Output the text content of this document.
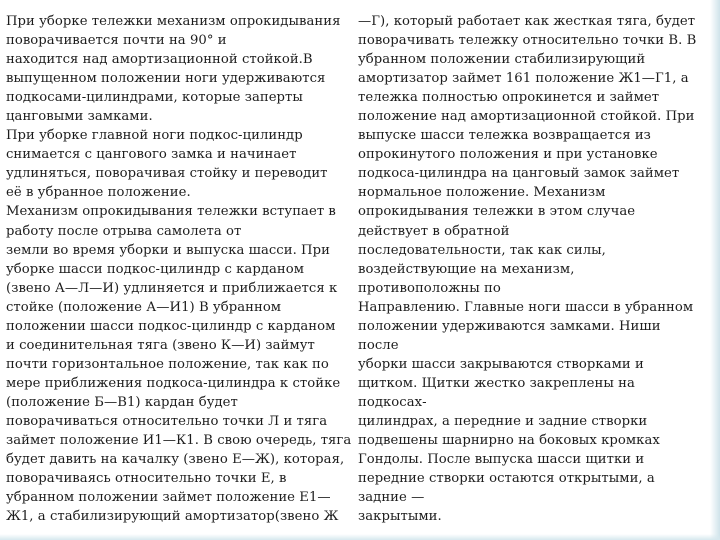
При уборке тележки механизм опрокидывания
поворачивается почти на 90° и
находится над амортизационной стойкой.В
выпущенном положении ноги удерживаются
подкосами-цилиндрами, которые заперты
цанговыми замками.
При уборке главной ноги подкос-цилиндр
снимается с цангового замка и начинает
удлиняться, поворачивая стойку и переводит
её в убранное положение.
Механизм опрокидывания тележки вступает в
работу после отрыва самолета от
земли во время уборки и выпуска шасси. При
уборке шасси подкос-цилиндр с карданом
(звено А—Л—И) удлиняется и приближается к
стойке (положение А—И1) В убранном
положении шасси подкос-цилиндр с карданом
и соединительная тяга (звено К—И) займут
почти горизонтальное положение, так как по
мере приближения подкоса-цилиндра к стойке
(положение Б—В1) кардан будет
поворачиваться относительно точки Л и тяга
займет положение И1—К1. В свою очередь, тяга
будет давить на качалку (звено Е—Ж), которая,
поворачиваясь относительно точки Е, в
убранном положении займет положение Е1—
Ж1, а стабилизирующий амортизатор(звено Ж
—Г), который работает как жесткая тяга, будет
поворачивать тележку относительно точки В. В
убранном положении стабилизирующий
амортизатор займет 161 положение Ж1—Г1, а
тележка полностью опрокинется и займет
положение над амортизационной стойкой. При
выпуске шасси тележка возвращается из
опрокинутого положения и при установке
подкоса-цилиндра на цанговый замок займет
нормальное положение. Механизм
опрокидывания тележки в этом случае
действует в обратной
последовательности, так как силы,
воздействующие на механизм,
противоположны по
Направлению. Главные ноги шасси в убранном
положении удерживаются замками. Ниши
после
уборки шасси закрываются створками и
щитком. Щитки жестко закреплены на
подкосах-
цилиндрах, а передние и задние створки
подвешены шарнирно на боковых кромках
Гондолы. После выпуска шасси щитки и
передние створки остаются открытыми, а
задние —
закрытыми.
